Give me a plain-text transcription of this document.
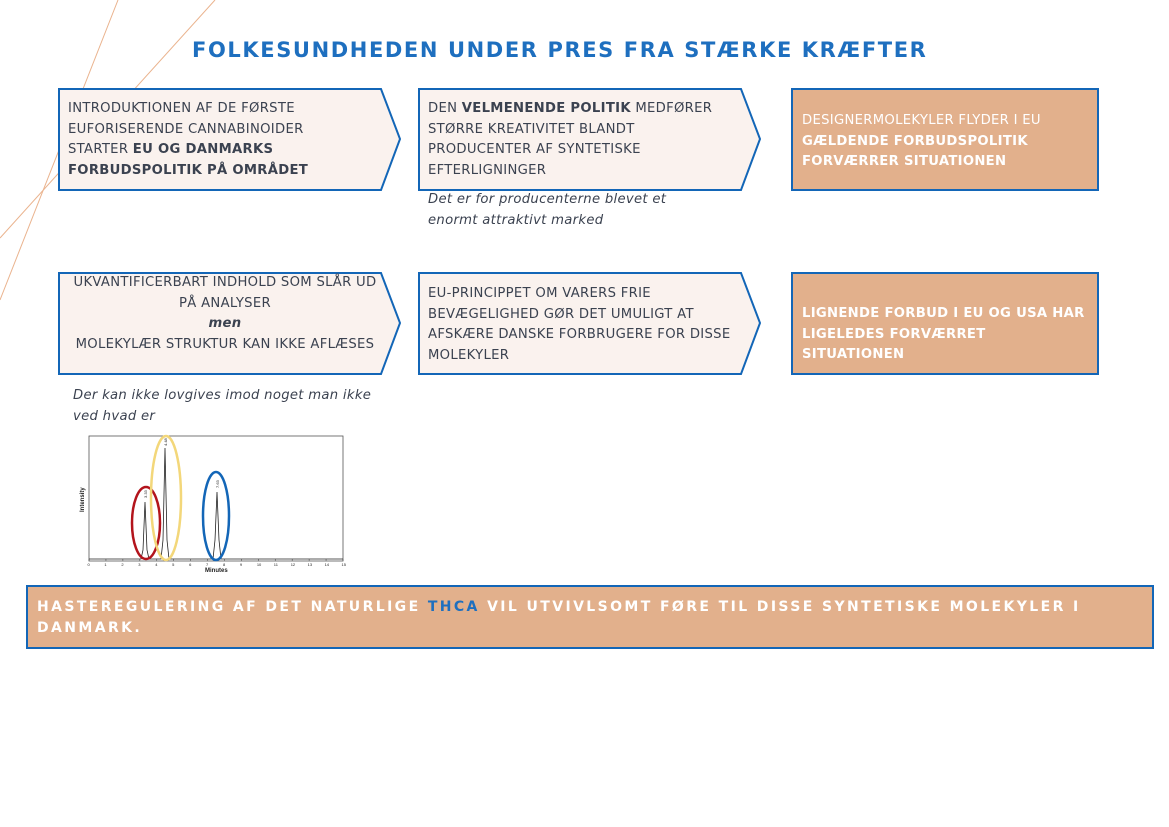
FOLKESUNDHEDEN UNDER PRES FRA STÆRKE KRÆFTER
INTRODUKTIONEN AF DE FØRSTE EUFORISERENDE CANNABINOIDER STARTER EU OG DANMARKS FORBUDSPOLITIK PÅ OMRÅDET
DEN VELMENENDE POLITIK MEDFØRER STØRRE KREATIVITET BLANDT PRODUCENTER AF SYNTETISKE EFTERLIGNINGER
Det er for producenterne blevet et enormt attraktivt marked
DESIGNERMOLEKYLER FLYDER I EU GÆLDENDE FORBUDSPOLITIK FORVÆRRER SITUATIONEN
UKVANTIFICERBART INDHOLD SOM SLÅR UD PÅ ANALYSER
men
MOLEKYLÆR STRUKTUR KAN IKKE AFLÆSES
Der kan ikke lovgives imod noget man ikke ved hvad er
EU-PRINCIPPET OM VARERS FRIE BEVÆGELIGHED GØR DET UMULIGT AT AFSKÆRE DANSKE FORBRUGERE FOR DISSE MOLEKYLER
LIGNENDE FORBUD I EU OG USA HAR LIGELEDES FORVÆRRET SITUATIONEN
Intensity
0	1	2	3	4	5	6	7	8	9	10	11	12	13	14	15
Minutes
3.33
4.48
7.63
HASTEREGULERING AF DET NATURLIGE THCA VIL UTVIVLSOMT FØRE TIL DISSE SYNTETISKE MOLEKYLER I DANMARK.
